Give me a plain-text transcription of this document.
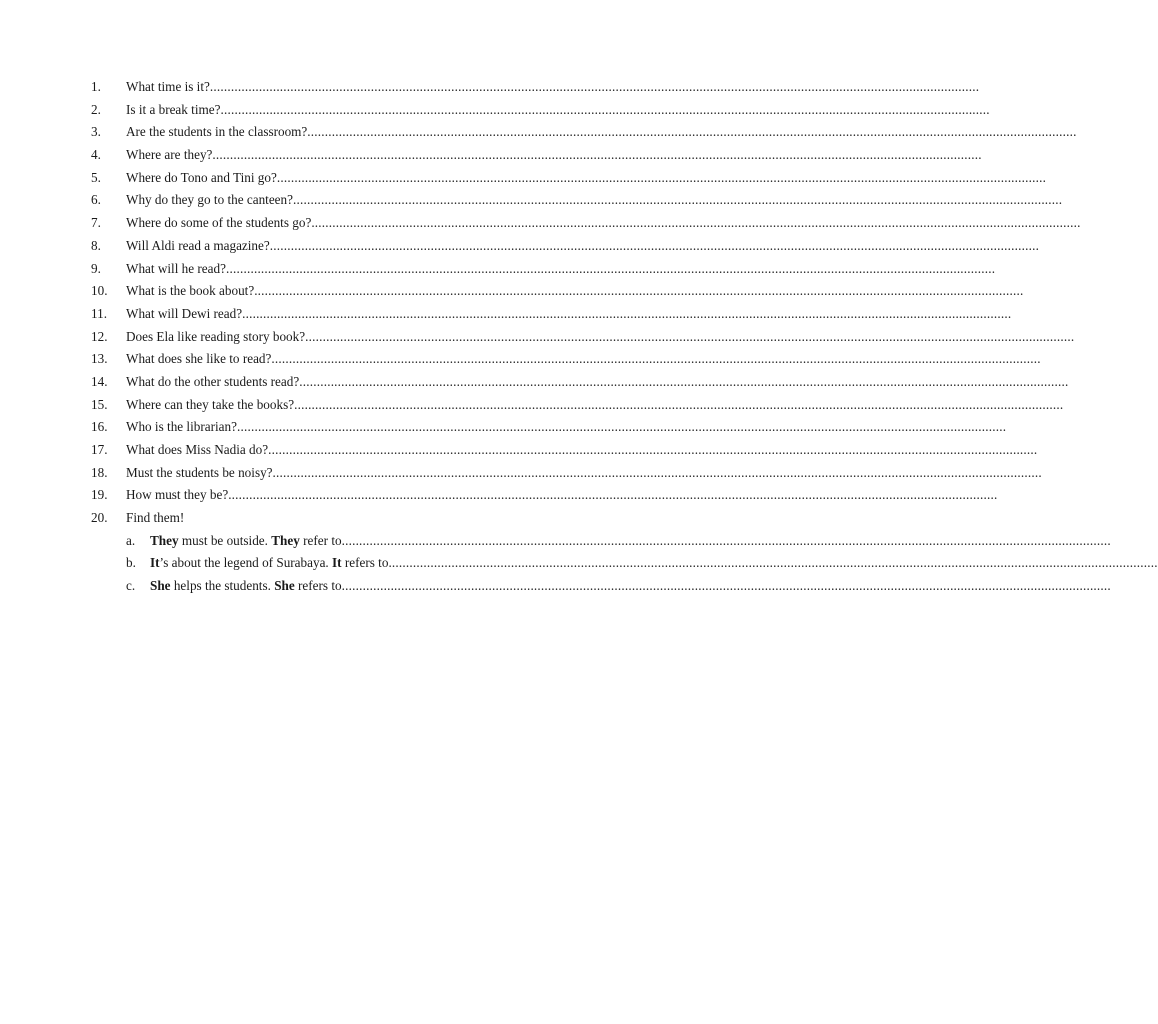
1.	What time is it? ............................................................................................................................................................................................................................
2.	Is it a break time? ............................................................................................................................................................................................................................
3.	Are the students in the classroom? ............................................................................................................................................................................................................................
4.	Where are they? ............................................................................................................................................................................................................................
5.	Where do Tono and Tini go? ............................................................................................................................................................................................................................
6.	Why do they go to the canteen? ............................................................................................................................................................................................................................
7.	Where do some of the students go? ............................................................................................................................................................................................................................
8.	Will Aldi read a magazine? ............................................................................................................................................................................................................................
9.	What will he read? ............................................................................................................................................................................................................................
10.	What is the book about? ............................................................................................................................................................................................................................
11.	What will Dewi read? ............................................................................................................................................................................................................................
12.	Does Ela like reading story book? ............................................................................................................................................................................................................................
13.	What does she like to read? ............................................................................................................................................................................................................................
14.	What do the other students read? ............................................................................................................................................................................................................................
15.	Where can they take the books? ............................................................................................................................................................................................................................
16.	Who is the librarian? ............................................................................................................................................................................................................................
17.	What does Miss Nadia do? ............................................................................................................................................................................................................................
18.	Must the students be noisy? ............................................................................................................................................................................................................................
19.	How must they be? ............................................................................................................................................................................................................................
20.	Find them!
a.	They must be outside. They refer to ............................................................................................................................................................................................................................
b.	It’s about the legend of Surabaya. It refers to ............................................................................................................................................................................................................................
c.	She helps the students. She refers to ............................................................................................................................................................................................................................
